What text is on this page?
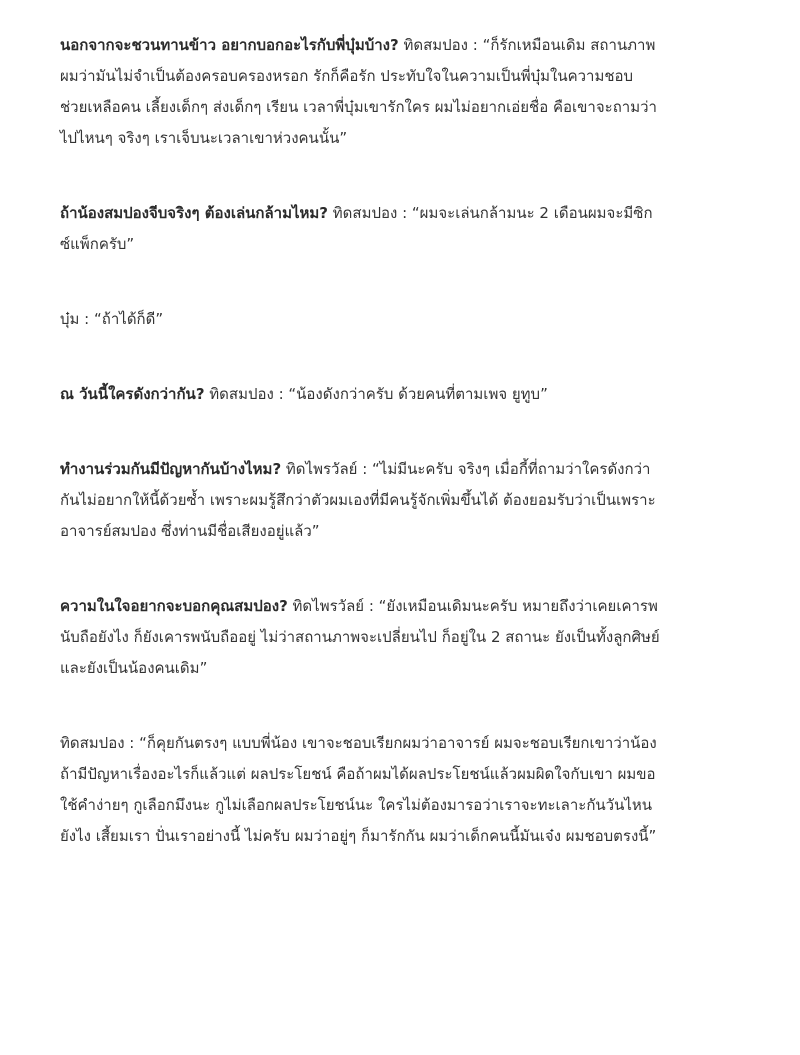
นอกจากจะชวนทานข้าว อยากบอกอะไรกับพี่บุ๋มบ้าง? ทิดสมปอง : “ก็รักเหมือนเดิม สถานภาพผมว่ามันไม่จำเป็นต้องครอบครองหรอก รักก็คือรัก ประทับใจในความเป็นพี่บุ๋มในความชอบช่วยเหลือคน เลี้ยงเด็กๆ ส่งเด็กๆ เรียน เวลาพี่บุ๋มเขารักใคร ผมไม่อยากเอ่ยชื่อ คือเขาจะถามว่าไปไหนๆ จริงๆ เราเจ็บนะเวลาเขาห่วงคนนั้น”

ถ้าน้องสมปองจีบจริงๆ ต้องเล่นกล้ามไหม? ทิดสมปอง : “ผมจะเล่นกล้ามนะ 2 เดือนผมจะมีซิกซ์แพ็กครับ”

บุ๋ม : “ถ้าได้ก็ดี”

ณ วันนี้ใครดังกว่ากัน? ทิดสมปอง : “น้องดังกว่าครับ ด้วยคนที่ตามเพจ ยูทูบ”

ทำงานร่วมกันมีปัญหากันบ้างไหม? ทิดไพรวัลย์ : “ไม่มีนะครับ จริงๆ เมื่อกี้ที่ถามว่าใครดังกว่ากันไม่อยากให้นี้ด้วยซ้ำ เพราะผมรู้สึกว่าตัวผมเองที่มีคนรู้จักเพิ่มขึ้นได้ ต้องยอมรับว่าเป็นเพราะอาจารย์สมปอง ซึ่งท่านมีชื่อเสียงอยู่แล้ว”

ความในใจอยากจะบอกคุณสมปอง? ทิดไพรวัลย์ : “ยังเหมือนเดิมนะครับ หมายถึงว่าเคยเคารพนับถือยังไง ก็ยังเคารพนับถืออยู่ ไม่ว่าสถานภาพจะเปลี่ยนไป ก็อยู่ใน 2 สถานะ ยังเป็นทั้งลูกศิษย์และยังเป็นน้องคนเดิม”

ทิดสมปอง : “ก็คุยกันตรงๆ แบบพี่น้อง เขาจะชอบเรียกผมว่าอาจารย์ ผมจะชอบเรียกเขาว่าน้อง ถ้ามีปัญหาเรื่องอะไรก็แล้วแต่ ผลประโยชน์ คือถ้าผมได้ผลประโยชน์แล้วผมผิดใจกับเขา ผมขอใช้คำง่ายๆ กูเลือกมึงนะ กูไม่เลือกผลประโยชน์นะ ใครไม่ต้องมารอว่าเราจะทะเลาะกันวันไหน ยังไง เสี้ยมเรา ปั่นเราอย่างนี้ ไม่ครับ ผมว่าอยู่ๆ ก็มารักกัน ผมว่าเด็กคนนี้มันเจ๋ง ผมชอบตรงนี้”
